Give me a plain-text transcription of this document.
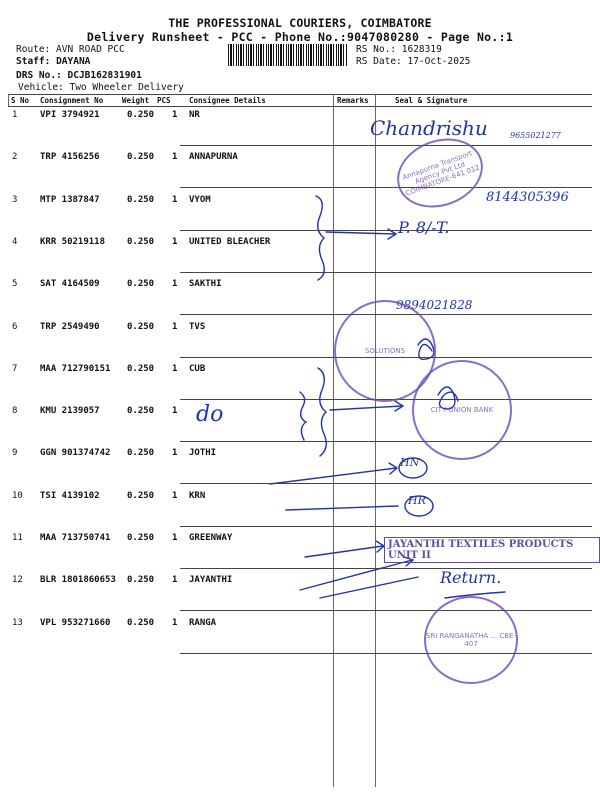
THE PROFESSIONAL COURIERS, COIMBATORE
Delivery Runsheet - PCC - Phone No.:9047080280 - Page No.:1
Route: AVN ROAD PCC
Staff: DAYANA
DRS No.: DCJB162831901
Vehicle: Two Wheeler Delivery
RS No.: 1628319
RS Date: 17-Oct-2025
S No Consignment No	Weight PCS Consignee Details	Remarks	Seal & Signature
1	VPI 3794921	0.250 1 NR
2	TRP 4156256	0.250 1 ANNAPURNA
3	MTP 1387847	0.250 1 VYOM
4	KRR 50219118 0.250 1 UNITED BLEACHER
5	SAT 4164509	0.250 1 SAKTHI
6	TRP 2549490	0.250 1 TVS
7	MAA 712790151 0.250 1 CUB
8	KMU 2139057	0.250 1
9	GGN 901374742 0.250 1 JOTHI
10 TSI 4139102	0.250 1 KRN
11 MAA 713750741 0.250 1 GREENWAY
12 BLR 1801860653 0.250 1 JAYANTHI
13 VPL 953271660 0.250 1 RANGA
Chandrishu	9655021277
8144305396
P. 8/-T.
9894021828
do
HN
HR
Return.
Annapurna Transport Agency Pvt Ltd COIMBATORE-641 012
SOLUTIONS
CITY UNION BANK
JAYANTHI TEXTILES PRODUCTS UNIT II
SRI RANGANATHA ... CBE-407
